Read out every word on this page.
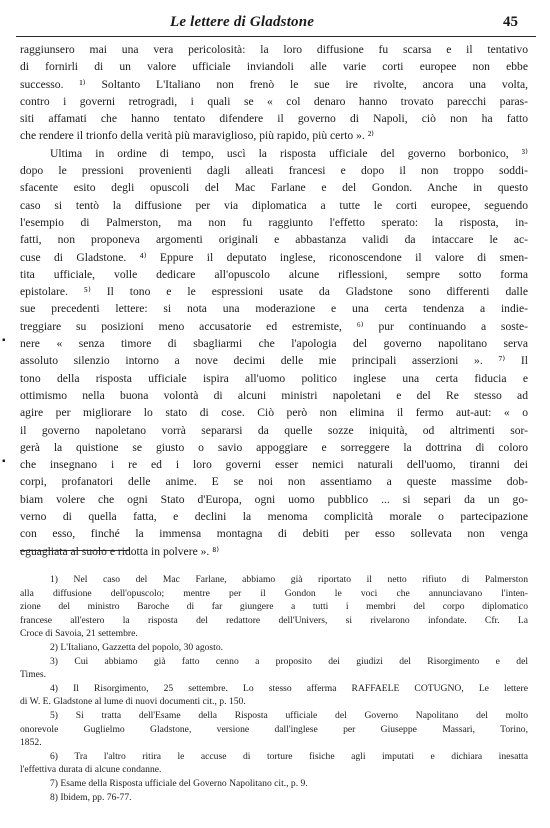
Le lettere di Gladstone	45
raggiunsero mai una vera pericolosità: la loro diffusione fu scarsa e il tentativo
di fornirli di un valore ufficiale inviandoli alle varie corti europee non ebbe
successo. ¹⁾ Soltanto L'Italiano non frenò le sue ire rivolte, ancora una volta,
contro i governi retrogradi, i quali se « col denaro hanno trovato parecchi paras-
siti affamati che hanno tentato difendere il governo di Napoli, ciò non ha fatto
che rendere il trionfo della verità più maraviglioso, più rapido, più certo ». ²⁾
Ultima in ordine di tempo, uscì la risposta ufficiale del governo borbonico, ³⁾
dopo le pressioni provenienti dagli alleati francesi e dopo il non troppo soddi-
sfacente esito degli opuscoli del Mac Farlane e del Gondon. Anche in questo
caso si tentò la diffusione per via diplomatica a tutte le corti europee, seguendo
l'esempio di Palmerston, ma non fu raggiunto l'effetto sperato: la risposta, in-
fatti, non proponeva argomenti originali e abbastanza validi da intaccare le ac-
cuse di Gladstone. ⁴⁾ Eppure il deputato inglese, riconoscendone il valore di smen-
tita ufficiale, volle dedicare all'opuscolo alcune riflessioni, sempre sotto forma
epistolare. ⁵⁾ Il tono e le espressioni usate da Gladstone sono differenti dalle
sue precedenti lettere: si nota una moderazione e una certa tendenza a indie-
treggiare su posizioni meno accusatorie ed estremiste, ⁶⁾ pur continuando a soste-
nere « senza timore di sbagliarmi che l'apologia del governo napolitano serva
assoluto silenzio intorno a nove decimi delle mie principali asserzioni ». ⁷⁾ Il
tono della risposta ufficiale ispira all'uomo politico inglese una certa fiducia e
ottimismo nella buona volontà di alcuni ministri napoletani e del Re stesso ad
agire per migliorare lo stato di cose. Ciò però non elimina il fermo aut-aut: « o
il governo napoletano vorrà separarsi da quelle sozze iniquità, od altrimenti sor-
gerà la quistione se giusto o savio appoggiare e sorreggere la dottrina di coloro
che insegnano i re ed i loro governi esser nemici naturali dell'uomo, tiranni dei
corpi, profanatori delle anime. E se noi non assentiamo a queste massime dob-
biam volere che ogni Stato d'Europa, ogni uomo pubblico ... si separi da un go-
verno di quella fatta, e declini la menoma complicità morale o partecipazione
con esso, finché la immensa montagna di debiti per esso sollevata non venga
eguagliata al suolo e ridotta in polvere ». ⁸⁾
▪
▪
1) Nel caso del Mac Farlane, abbiamo già riportato il netto rifiuto di Palmerston
alla diffusione dell'opuscolo; mentre per il Gondon le voci che annunciavano l'inten-
zione del ministro Baroche di far giungere a tutti i membri del corpo diplomatico
francese all'estero la risposta del redattore dell'Univers, si rivelarono infondate. Cfr. La
Croce di Savoia, 21 settembre.
2) L'Italiano, Gazzetta del popolo, 30 agosto.
3) Cui abbiamo già fatto cenno a proposito dei giudizi del Risorgimento e del
Times.
4) Il Risorgimento, 25 settembre. Lo stesso afferma RAFFAELE COTUGNO, Le lettere
di W. E. Gladstone al lume di nuovi documenti cit., p. 150.
5) Si tratta dell'Esame della Risposta ufficiale del Governo Napolitano del molto
onorevole Guglielmo Gladstone, versione dall'inglese per Giuseppe Massari, Torino,
1852.
6) Tra l'altro ritira le accuse di torture fisiche agli imputati e dichiara inesatta
l'effettiva durata di alcune condanne.
7) Esame della Risposta ufficiale del Governo Napolitano cit., p. 9.
8) Ibidem, pp. 76-77.
